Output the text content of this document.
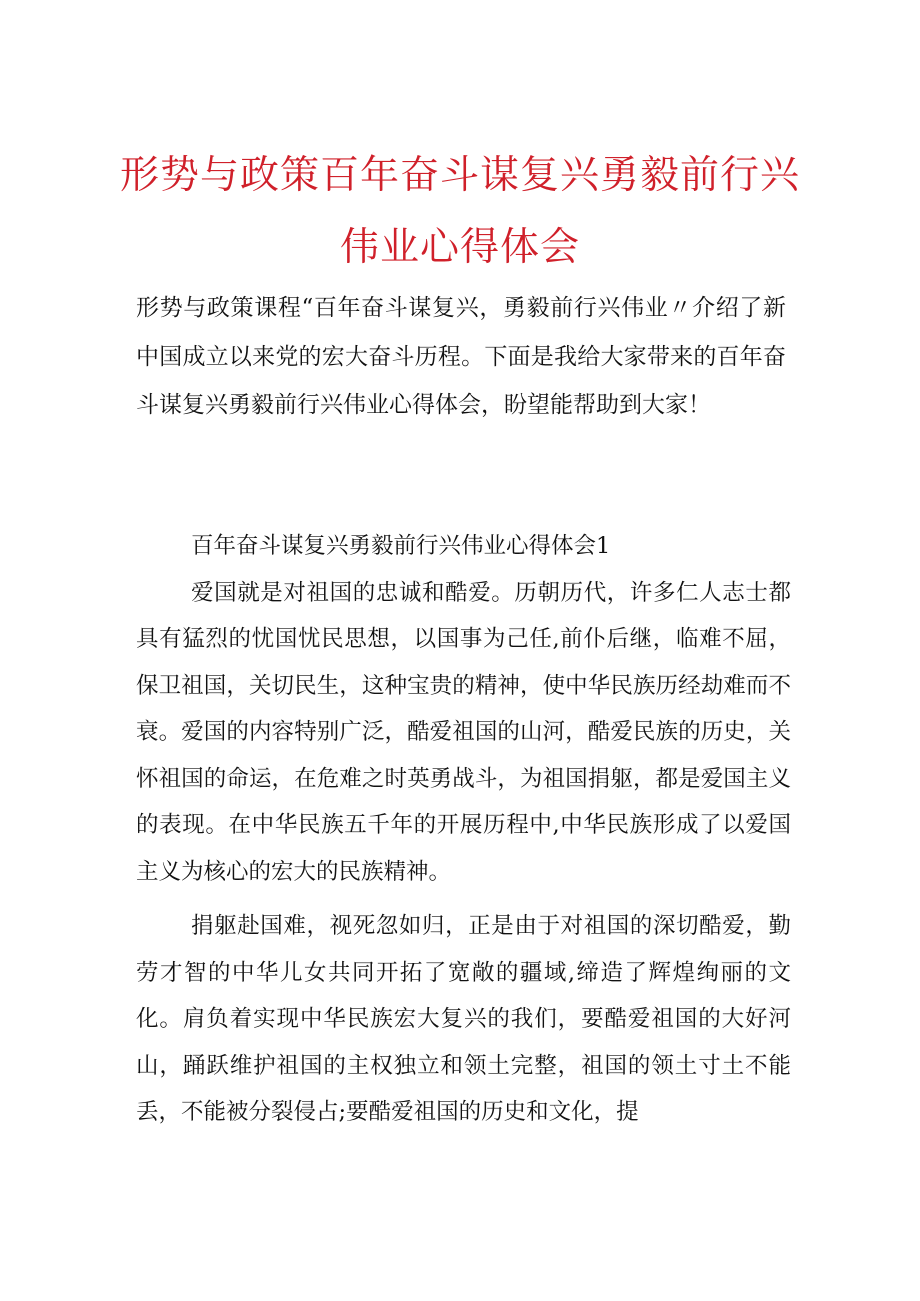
形势与政策百年奋斗谋复兴勇毅前行兴伟业心得体会

形势与政策课程“百年奋斗谋复兴，勇毅前行兴伟业〃介绍了新中国成立以来党的宏大奋斗历程。下面是我给大家带来的百年奋斗谋复兴勇毅前行兴伟业心得体会，盼望能帮助到大家！

百年奋斗谋复兴勇毅前行兴伟业心得体会1

爱国就是对祖国的忠诚和酷爱。历朝历代，许多仁人志士都具有猛烈的忧国忧民思想，以国事为己任,前仆后继，临难不屈，保卫祖国，关切民生，这种宝贵的精神，使中华民族历经劫难而不衰。爱国的内容特别广泛，酷爱祖国的山河，酷爱民族的历史，关怀祖国的命运，在危难之时英勇战斗，为祖国捐躯，都是爱国主义的表现。在中华民族五千年的开展历程中,中华民族形成了以爱国主义为核心的宏大的民族精神。

捐躯赴国难，视死忽如归，正是由于对祖国的深切酷爱，勤劳才智的中华儿女共同开拓了宽敞的疆域,缔造了辉煌绚丽的文化。肩负着实现中华民族宏大复兴的我们，要酷爱祖国的大好河山，踊跃维护祖国的主权独立和领土完整，祖国的领土寸土不能丢，不能被分裂侵占;要酷爱祖国的历史和文化，提
